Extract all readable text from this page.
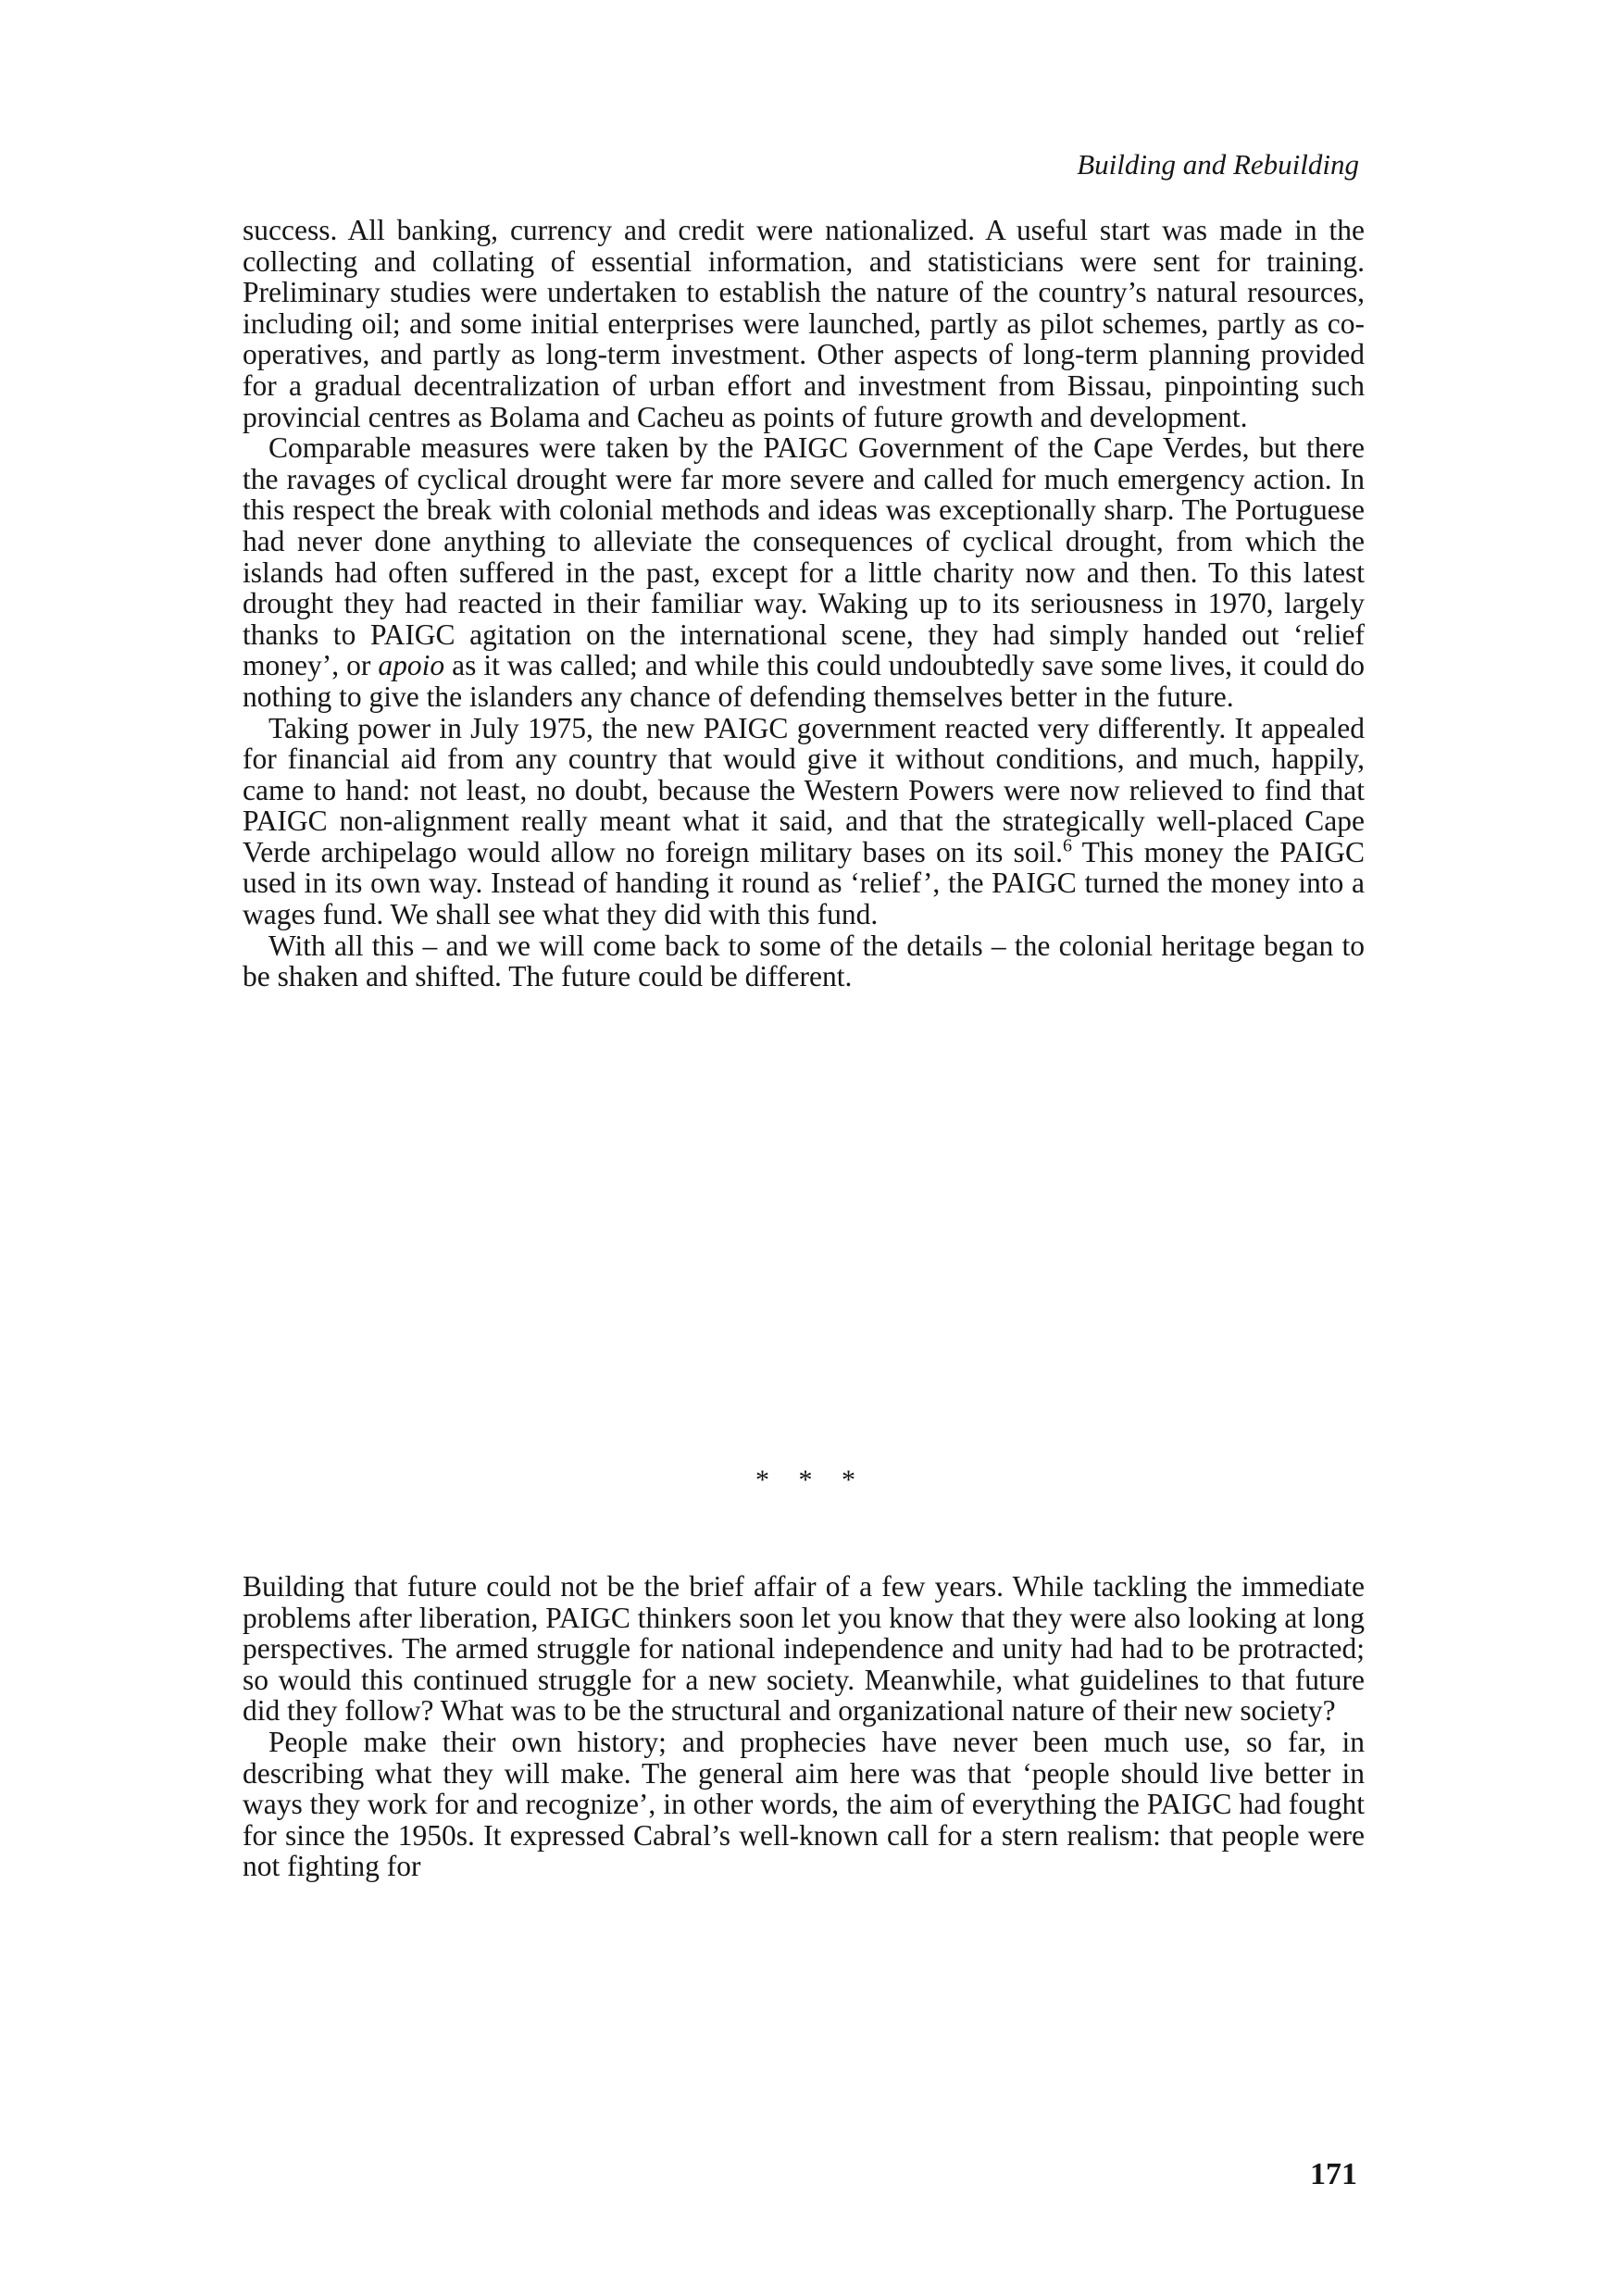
Building and Rebuilding

success. All banking, currency and credit were nationalized. A useful start was made in the collecting and collating of essential information, and statisticians were sent for training. Preliminary studies were undertaken to establish the nature of the country’s natural resources, including oil; and some initial enterprises were launched, partly as pilot schemes, partly as co-operatives, and partly as long-term investment. Other aspects of long-term planning provided for a gradual decentralization of urban effort and investment from Bissau, pinpointing such provincial centres as Bolama and Cacheu as points of future growth and development.

Comparable measures were taken by the PAIGC Government of the Cape Verdes, but there the ravages of cyclical drought were far more severe and called for much emergency action. In this respect the break with colonial methods and ideas was exceptionally sharp. The Portuguese had never done anything to alleviate the consequences of cyclical drought, from which the islands had often suffered in the past, except for a little charity now and then. To this latest drought they had reacted in their familiar way. Waking up to its seriousness in 1970, largely thanks to PAIGC agitation on the international scene, they had simply handed out ‘relief money’, or apoio as it was called; and while this could undoubtedly save some lives, it could do nothing to give the islanders any chance of defending themselves better in the future.

Taking power in July 1975, the new PAIGC government reacted very differently. It appealed for financial aid from any country that would give it without conditions, and much, happily, came to hand: not least, no doubt, because the Western Powers were now relieved to find that PAIGC non-alignment really meant what it said, and that the strategically well-placed Cape Verde archipelago would allow no foreign military bases on its soil.$^6$ This money the PAIGC used in its own way. Instead of handing it round as ‘relief’, the PAIGC turned the money into a wages fund. We shall see what they did with this fund.

With all this – and we will come back to some of the details – the colonial heritage began to be shaken and shifted. The future could be different.

* * *

Building that future could not be the brief affair of a few years. While tackling the immediate problems after liberation, PAIGC thinkers soon let you know that they were also looking at long perspectives. The armed struggle for national independence and unity had had to be protracted; so would this continued struggle for a new society. Meanwhile, what guidelines to that future did they follow? What was to be the structural and organizational nature of their new society?

People make their own history; and prophecies have never been much use, so far, in describing what they will make. The general aim here was that ‘people should live better in ways they work for and recognize’, in other words, the aim of everything the PAIGC had fought for since the 1950s. It expressed Cabral’s well-known call for a stern realism: that people were not fighting for

171
